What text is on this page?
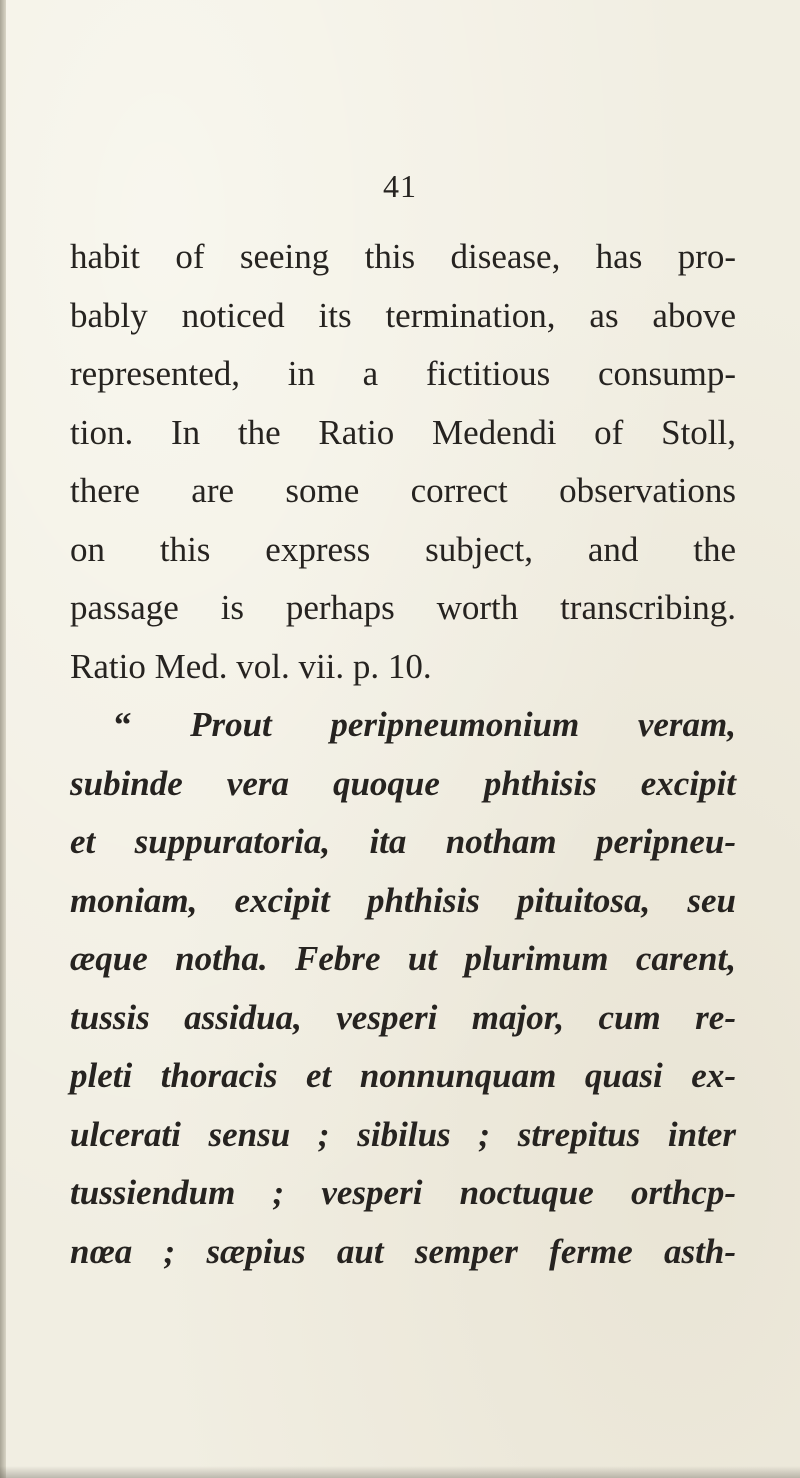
41
habit of seeing this disease, has pro-
bably noticed its termination, as above
represented, in a fictitious consump-
tion. In the Ratio Medendi of Stoll,
there are some correct observations
on this express subject, and the
passage is perhaps worth transcribing.
Ratio Med. vol. vii. p. 10.
“ Prout peripneumonium veram,
subinde vera quoque phthisis excipit
et suppuratoria, ita notham peripneu-
moniam, excipit phthisis pituitosa, seu
æque notha. Febre ut plurimum carent,
tussis assidua, vesperi major, cum re-
pleti thoracis et nonnunquam quasi ex-
ulcerati sensu ; sibilus ; strepitus inter
tussiendum ; vesperi noctuque orthcp-
nœa ; sæpius aut semper ferme asth-
